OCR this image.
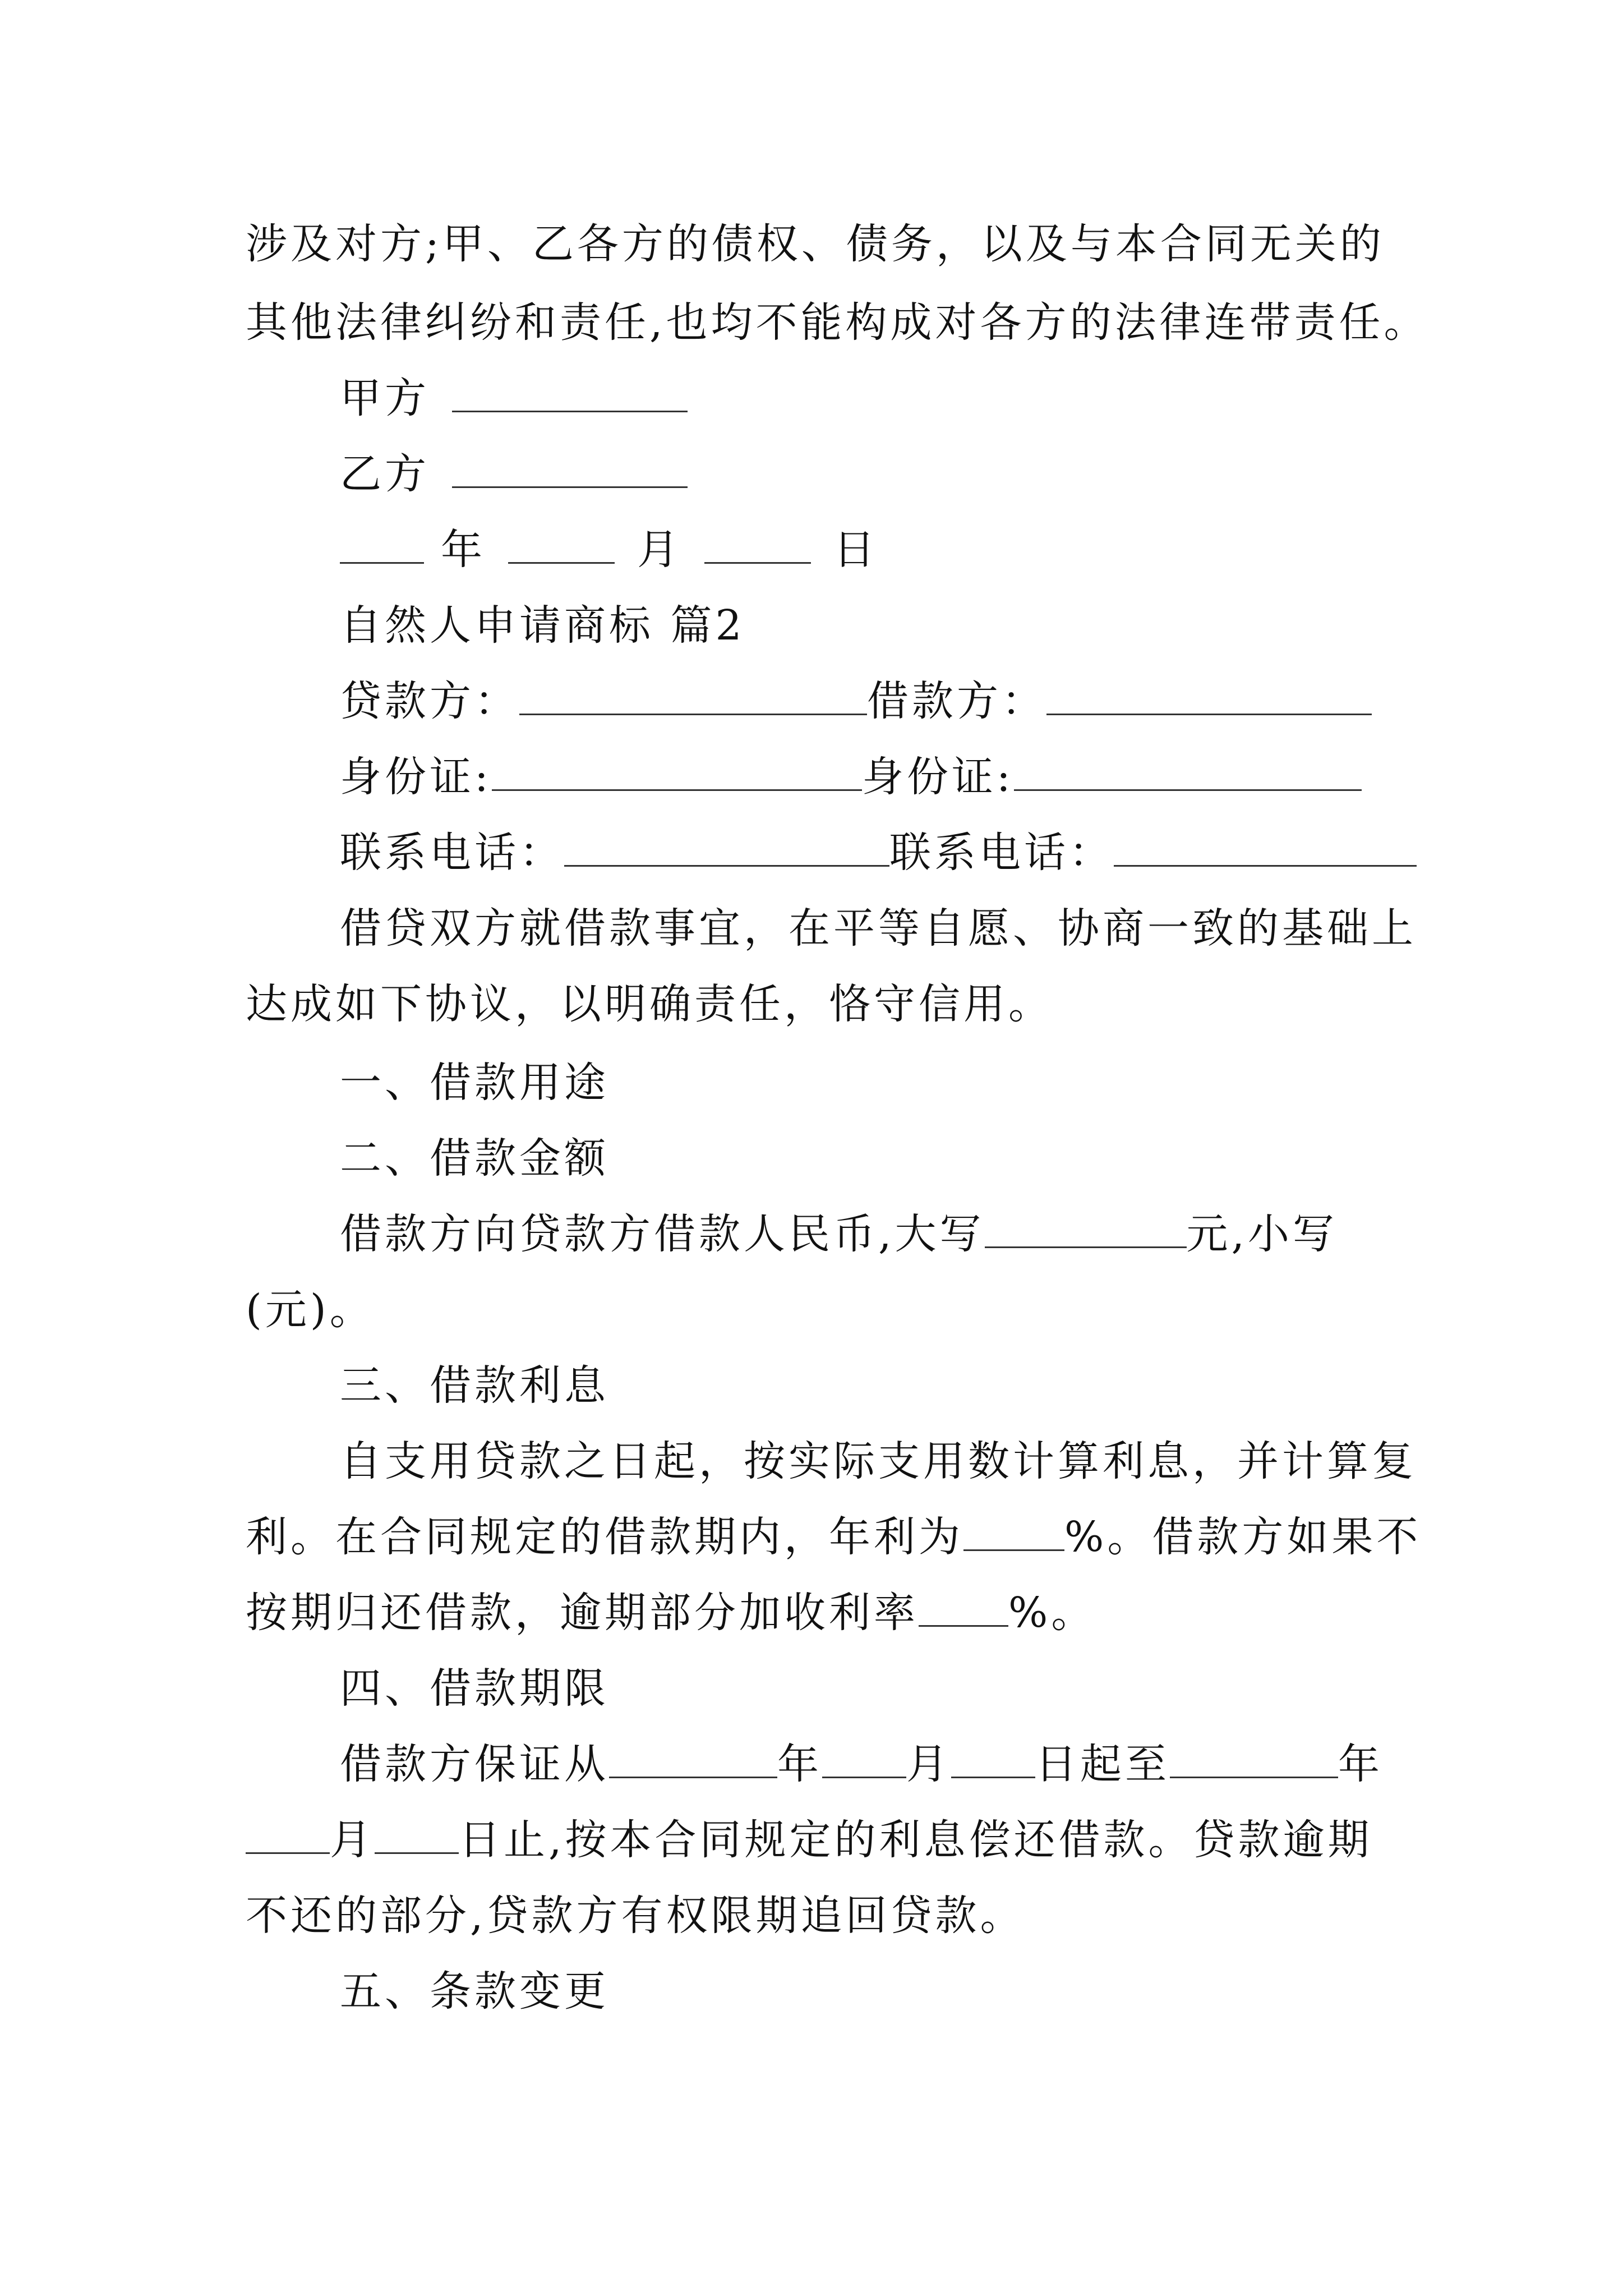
涉及对方;甲、乙各方的债权、债务，以及与本合同无关的
其他法律纠纷和责任,也均不能构成对各方的法律连带责任。
甲方
乙方
年	月	日
自然人申请商标 篇2
贷款方：	借款方：
身份证:	身份证:
联系电话：	联系电话：
借贷双方就借款事宜，在平等自愿、协商一致的基础上
达成如下协议，以明确责任，恪守信用。
一、借款用途
二、借款金额
借款方向贷款方借款人民币,大写	元,小写
(元)。
三、借款利息
自支用贷款之日起，按实际支用数计算利息，并计算复
利。在合同规定的借款期内，年利为 %。借款方如果不
按期归还借款，逾期部分加收利率 %。
四、借款期限
借款方保证从	年 月 日起至	年
月 日止,按本合同规定的利息偿还借款。贷款逾期
不还的部分,贷款方有权限期追回贷款。
五、条款变更
